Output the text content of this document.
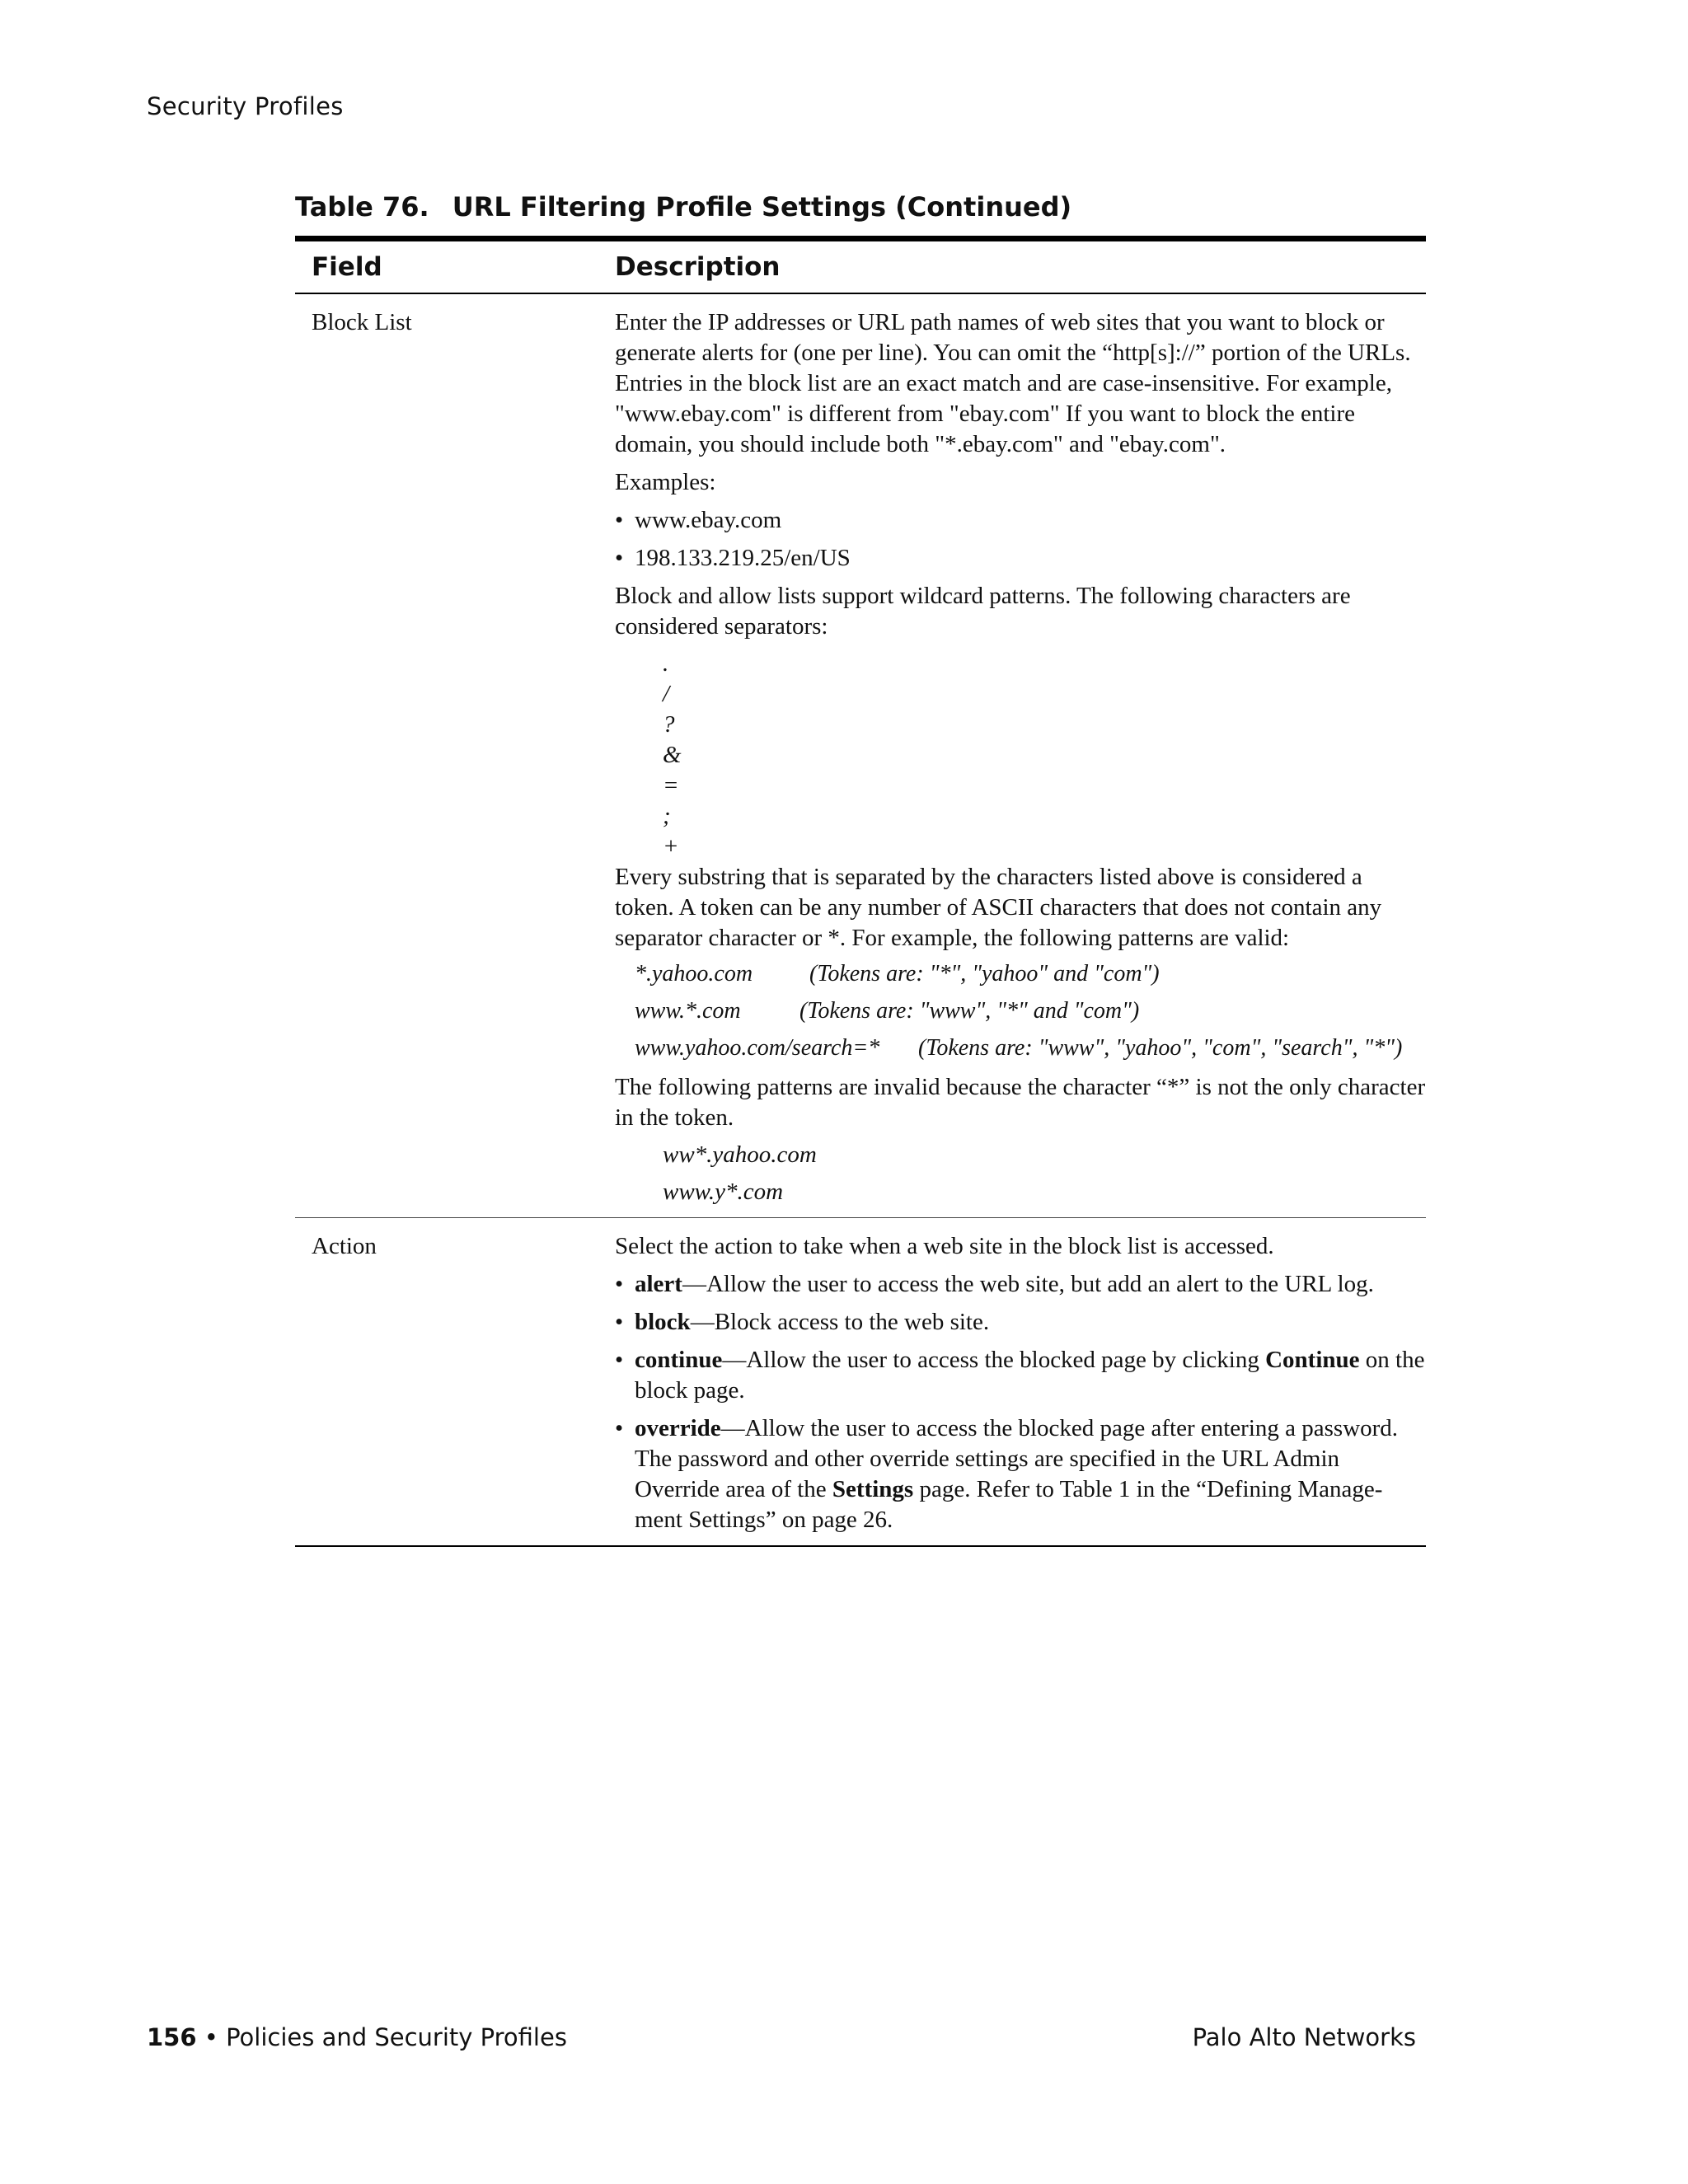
Security Profiles
Table 76. URL Filtering Profile Settings (Continued)
Field	Description
Block List	Enter the IP addresses or URL path names of web sites that you want to block or generate alerts for (one per line). You can omit the “http[s]://” portion of the URLs. Entries in the block list are an exact match and are case-insensitive. For example, "www.ebay.com" is different from "ebay.com" If you want to block the entire domain, you should include both "*.ebay.com" and "ebay.com".

Examples:

• www.ebay.com
• 198.133.219.25/en/US

Block and allow lists support wildcard patterns. The following characters are considered separators:

.
/
?
&
=
;
+

Every substring that is separated by the characters listed above is considered a token. A token can be any number of ASCII characters that does not contain any separator character or *. For example, the following patterns are valid:

*.yahoo.com	(Tokens are: "*", "yahoo" and "com")
www.*.com	(Tokens are: "www", "*" and "com")
www.yahoo.com/search=*	(Tokens are: "www", "yahoo", "com", "search", "*")

The following patterns are invalid because the character “*” is not the only character in the token.

ww*.yahoo.com
www.y*.com
Action	Select the action to take when a web site in the block list is accessed.

• alert—Allow the user to access the web site, but add an alert to the URL log.
• block—Block access to the web site.
• continue—Allow the user to access the blocked page by clicking Continue on the block page.
• override—Allow the user to access the blocked page after entering a password. The password and other override settings are specified in the URL Admin Override area of the Settings page. Refer to Table 1 in the “Defining Manage-ment Settings” on page 26.
156 • Policies and Security Profiles	Palo Alto Networks
